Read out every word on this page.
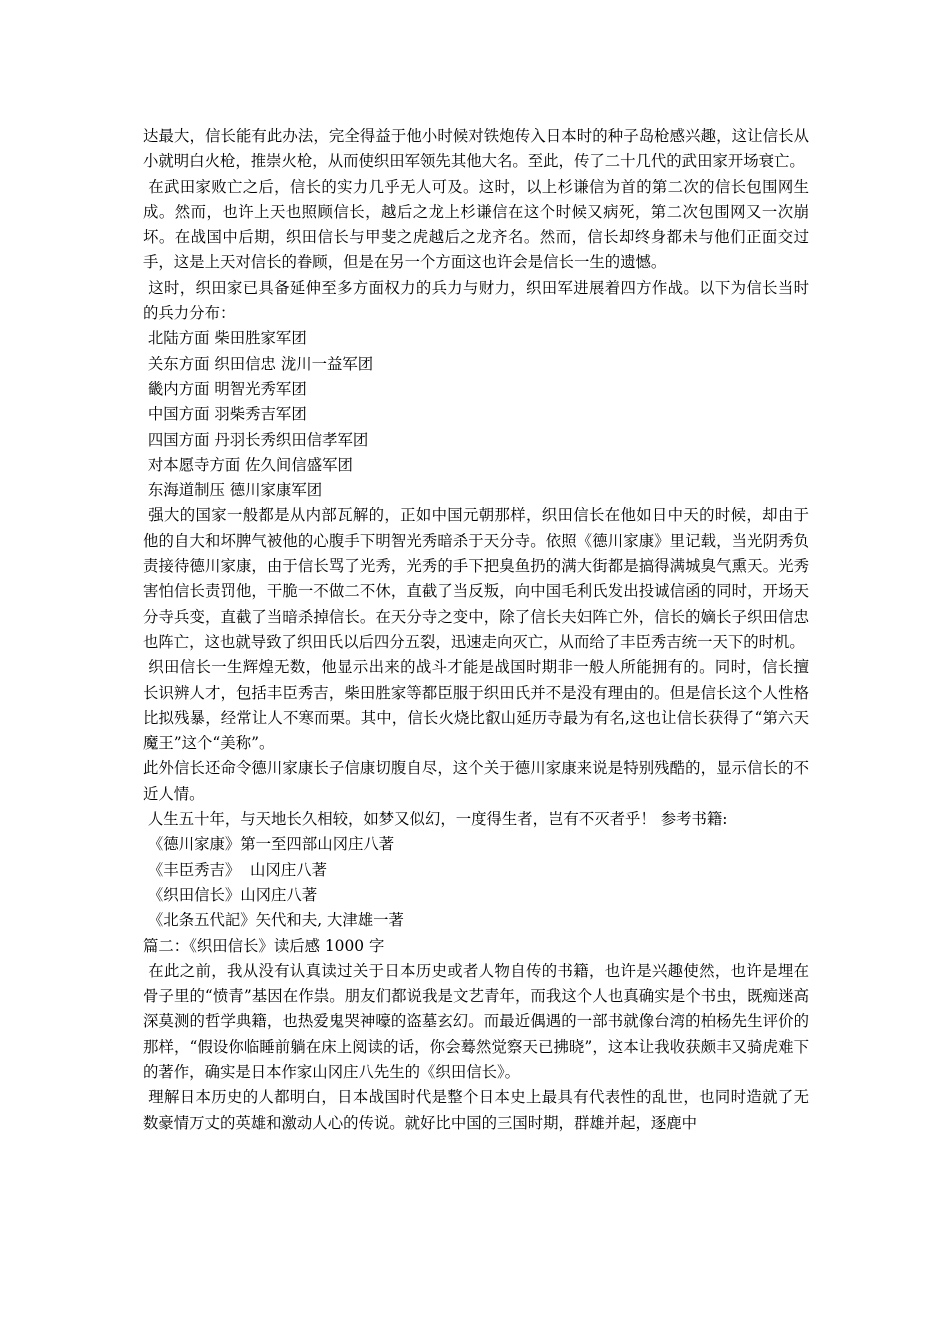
达最大，信长能有此办法，完全得益于他小时候对铁炮传入日本时的种子岛枪感兴趣，这让信长从小就明白火枪，推崇火枪，从而使织田军领先其他大名。至此，传了二十几代的武田家开场衰亡。

在武田家败亡之后，信长的实力几乎无人可及。这时，以上杉谦信为首的第二次的信长包围网生成。然而，也许上天也照顾信长，越后之龙上杉谦信在这个时候又病死，第二次包围网又一次崩坏。在战国中后期，织田信长与甲斐之虎越后之龙齐名。然而，信长却终身都未与他们正面交过手，这是上天对信长的眷顾，但是在另一个方面这也许会是信长一生的遗憾。

这时，织田家已具备延伸至多方面权力的兵力与财力，织田军进展着四方作战。以下为信长当时的兵力分布：

北陆方面 柴田胜家军团

关东方面 织田信忠 泷川一益军团

畿内方面 明智光秀军团

中国方面 羽柴秀吉军团

四国方面 丹羽长秀织田信孝军团

对本愿寺方面 佐久间信盛军团

东海道制压 德川家康军团

强大的国家一般都是从内部瓦解的，正如中国元朝那样，织田信长在他如日中天的时候，却由于他的自大和坏脾气被他的心腹手下明智光秀暗杀于天分寺。依照《德川家康》里记载，当光阴秀负责接待德川家康，由于信长骂了光秀，光秀的手下把臭鱼扔的满大街都是搞得满城臭气熏天。光秀害怕信长责罚他，干脆一不做二不休，直截了当反叛，向中国毛利氏发出投诚信函的同时，开场天分寺兵变，直截了当暗杀掉信长。在天分寺之变中，除了信长夫妇阵亡外，信长的嫡长子织田信忠也阵亡，这也就导致了织田氏以后四分五裂，迅速走向灭亡，从而给了丰臣秀吉统一天下的时机。

织田信长一生辉煌无数，他显示出来的战斗才能是战国时期非一般人所能拥有的。同时，信长擅长识辨人才，包括丰臣秀吉，柴田胜家等都臣服于织田氏并不是没有理由的。但是信长这个人性格比拟残暴，经常让人不寒而栗。其中，信长火烧比叡山延历寺最为有名,这也让信长获得了“第六天魔王”这个“美称”。

此外信长还命令德川家康长子信康切腹自尽，这个关于德川家康来说是特别残酷的，显示信长的不近人情。

人生五十年，与天地长久相较，如梦又似幻，一度得生者，岂有不灭者乎！ 参考书籍:

《德川家康》第一至四部山冈庄八著

《丰臣秀吉》  山冈庄八著

《织田信长》山冈庄八著

《北条五代記》矢代和夫, 大津雄一著

篇二：《织田信长》读后感 1000 字

在此之前，我从没有认真读过关于日本历史或者人物自传的书籍，也许是兴趣使然，也许是埋在骨子里的“愤青”基因在作祟。朋友们都说我是文艺青年，而我这个人也真确实是个书虫，既痴迷高深莫测的哲学典籍，也热爱鬼哭神嚎的盗墓玄幻。而最近偶遇的一部书就像台湾的柏杨先生评价的那样，“假设你临睡前躺在床上阅读的话，你会蓦然觉察天已拂晓”，这本让我收获颇丰又骑虎难下的著作，确实是日本作家山冈庄八先生的《织田信长》。

理解日本历史的人都明白，日本战国时代是整个日本史上最具有代表性的乱世，也同时造就了无数豪情万丈的英雄和激动人心的传说。就好比中国的三国时期，群雄并起，逐鹿中
